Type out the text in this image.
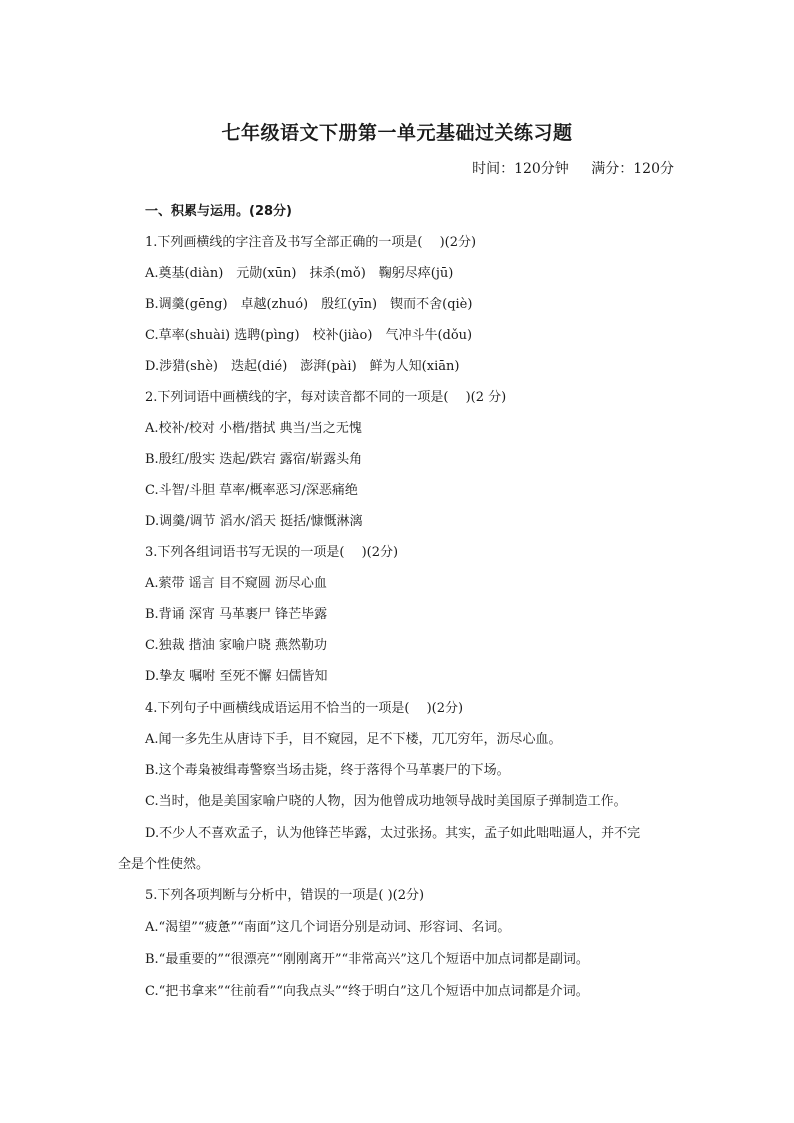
七年级语文下册第一单元基础过关练习题
时间：120分钟 满分：120分
一、积累与运用。(28分)
1.下列画横线的字注音及书写全部正确的一项是(　 )(2分)
A.奠基(diàn)　元勋(xūn)　抹杀(mǒ)　鞠躬尽瘁(jū)
B.调羹(gēng)　卓越(zhuó)　殷红(yīn)　锲而不舍(qiè)
C.草率(shuài) 选聘(pìng)　校补(jiào)　气冲斗牛(dǒu)
D.涉猎(shè)　迭起(dié)　澎湃(pài)　鲜为人知(xiān)
2.下列词语中画横线的字，每对读音都不同的一项是(　 )(2 分)
A.校补/校对 小楷/揩拭 典当/当之无愧
B.殷红/殷实 迭起/跌宕 露宿/崭露头角
C.斗智/斗胆 草率/概率恶习/深恶痛绝
D.调羹/调节 滔水/滔天 挺括/慷慨淋漓
3.下列各组词语书写无误的一项是(　 )(2分)
A.萦带 谣言 目不窥圆 沥尽心血
B.背诵 深宵 马革裹尸 锋芒毕露
C.独裁 揩油 家喻户晓 燕然勒功
D.挚友 嘱咐 至死不懈 妇儒皆知
4.下列句子中画横线成语运用不恰当的一项是(　 )(2分)
A.闻一多先生从唐诗下手，目不窥园，足不下楼，兀兀穷年，沥尽心血。
B.这个毒枭被缉毒警察当场击毙，终于落得个马革裹尸的下场。
C.当时，他是美国家喻户晓的人物，因为他曾成功地领导战时美国原子弹制造工作。
D.不少人不喜欢孟子，认为他锋芒毕露，太过张扬。其实，孟子如此咄咄逼人，并不完
全是个性使然。
5.下列各项判断与分析中，错误的一项是( )(2分)
A.“渴望”“疲惫”“南面”这几个词语分别是动词、形容词、名词。
B.“最重要的”“很漂亮”“刚刚离开”“非常高兴”这几个短语中加点词都是副词。
C.“把书拿来”“往前看”“向我点头”“终于明白”这几个短语中加点词都是介词。
